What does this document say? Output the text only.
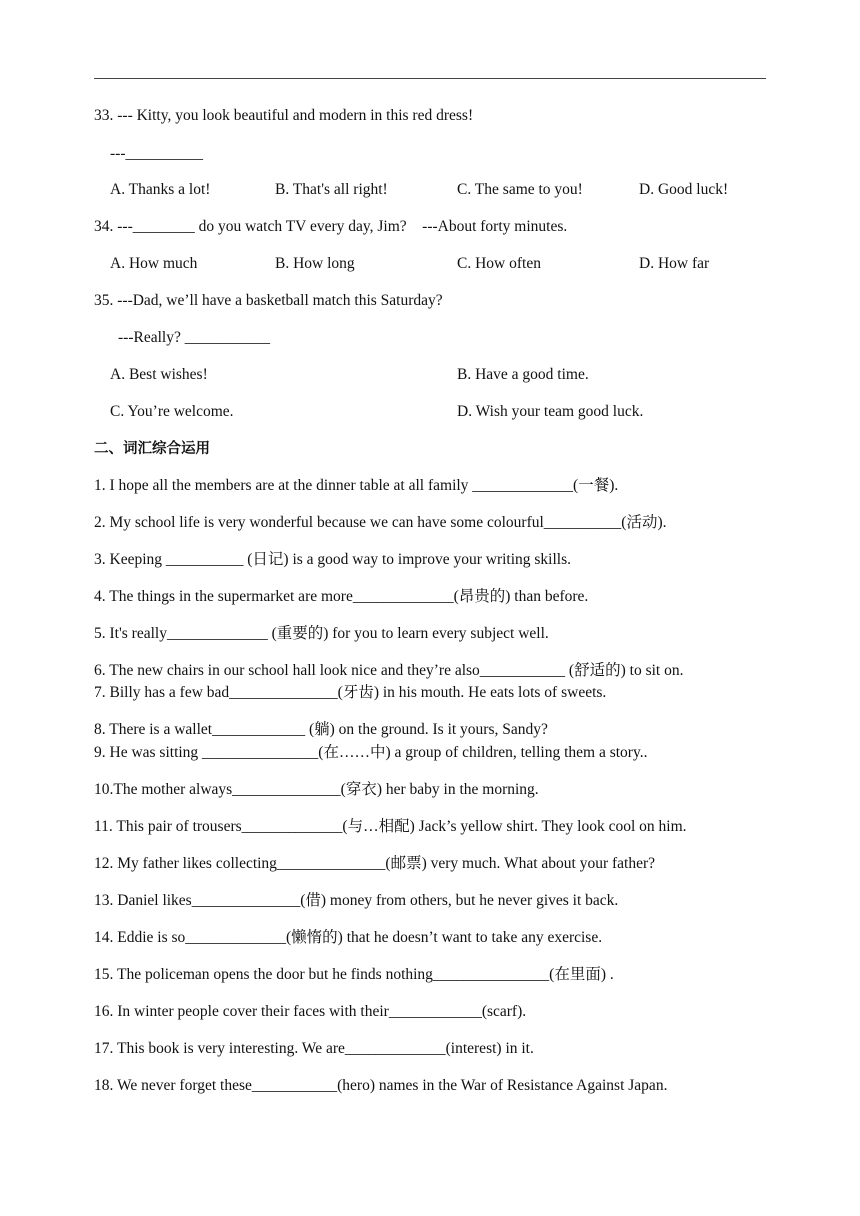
33. --- Kitty, you look beautiful and modern in this red dress!
---__________
A. Thanks a lot!	B. That's all right!	C. The same to you!	D. Good luck!
34. ---________ do you watch TV every day, Jim?    ---About forty minutes.
A. How much	B. How long	C. How often	D. How far
35. ---Dad, we’ll have a basketball match this Saturday?
---Really? ___________
A. Best wishes!	B. Have a good time.
C. You’re welcome.	D. Wish your team good luck.
二、词汇综合运用
1. I hope all the members are at the dinner table at all family _____________(一餐).
2. My school life is very wonderful because we can have some colourful__________(活动).
3. Keeping __________ (日记) is a good way to improve your writing skills.
4. The things in the supermarket are more_____________(昂贵的) than before.
5. It's really_____________ (重要的) for you to learn every subject well.
6. The new chairs in our school hall look nice and they’re also___________ (舒适的) to sit on.
7. Billy has a few bad______________(牙齿) in his mouth. He eats lots of sweets.
8. There is a wallet____________ (躺) on the ground. Is it yours, Sandy?
9. He was sitting _______________(在……中) a group of children, telling them a story..
10.The mother always______________(穿衣) her baby in the morning.
11. This pair of trousers_____________(与…相配) Jack’s yellow shirt. They look cool on him.
12. My father likes collecting______________(邮票) very much. What about your father?
13. Daniel likes______________(借) money from others, but he never gives it back.
14. Eddie is so_____________(懒惰的) that he doesn’t want to take any exercise.
15. The policeman opens the door but he finds nothing_______________(在里面) .
16. In winter people cover their faces with their____________(scarf).
17. This book is very interesting. We are_____________(interest) in it.
18. We never forget these___________(hero) names in the War of Resistance Against Japan.
